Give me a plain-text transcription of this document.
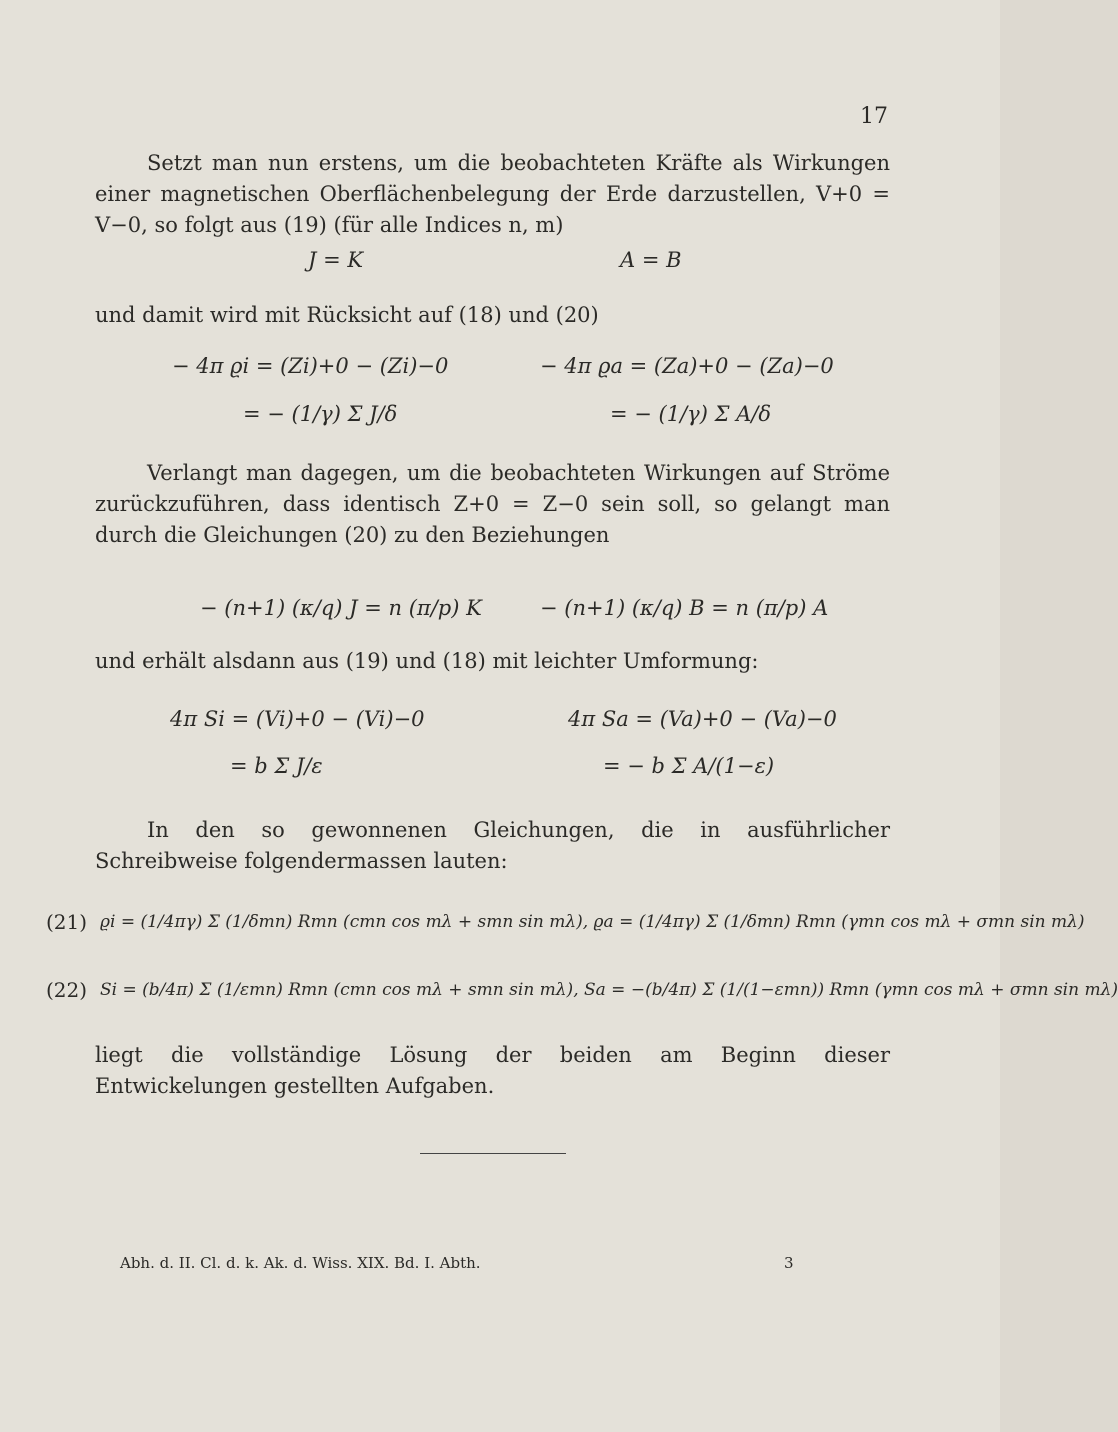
17

Setzt man nun erstens, um die beobachteten Kräfte als Wirkungen einer magnetischen Oberflächenbelegung der Erde darzustellen, V+0 = V−0, so folgt aus (19) (für alle Indices n, m)

J = K	A = B

und damit wird mit Rücksicht auf (18) und (20)

− 4π ϱi = (Zi)+0 − (Zi)−0
= − (1/γ) Σ J/δ
− 4π ϱa = (Za)+0 − (Za)−0
= − (1/γ) Σ A/δ

Verlangt man dagegen, um die beobachteten Wirkungen auf Ströme zurückzuführen, dass identisch Z+0 = Z−0 sein soll, so gelangt man durch die Gleichungen (20) zu den Beziehungen

− (n+1) (κ/q) J = n (π/p) K	− (n+1) (κ/q) B = n (π/p) A

und erhält alsdann aus (19) und (18) mit leichter Umformung:

4π Si = (Vi)+0 − (Vi)−0
= b Σ J/ε
4π Sa = (Va)+0 − (Va)−0
= − b Σ A/(1−ε)

In den so gewonnenen Gleichungen, die in ausführlicher Schreibweise folgendermassen lauten:

(21) ϱi = (1/4πγ) Σ (1/δmn) Rmn (cmn cos mλ + smn sin mλ), ϱa = (1/4πγ) Σ (1/δmn) Rmn (γmn cos mλ + σmn sin mλ)
(22) Si = (b/4π) Σ (1/εmn) Rmn (cmn cos mλ + smn sin mλ), Sa = −(b/4π) Σ (1/(1−εmn)) Rmn (γmn cos mλ + σmn sin mλ)

liegt die vollständige Lösung der beiden am Beginn dieser Entwickelungen gestellten Aufgaben.

Abh. d. II. Cl. d. k. Ak. d. Wiss. XIX. Bd. I. Abth.	3
